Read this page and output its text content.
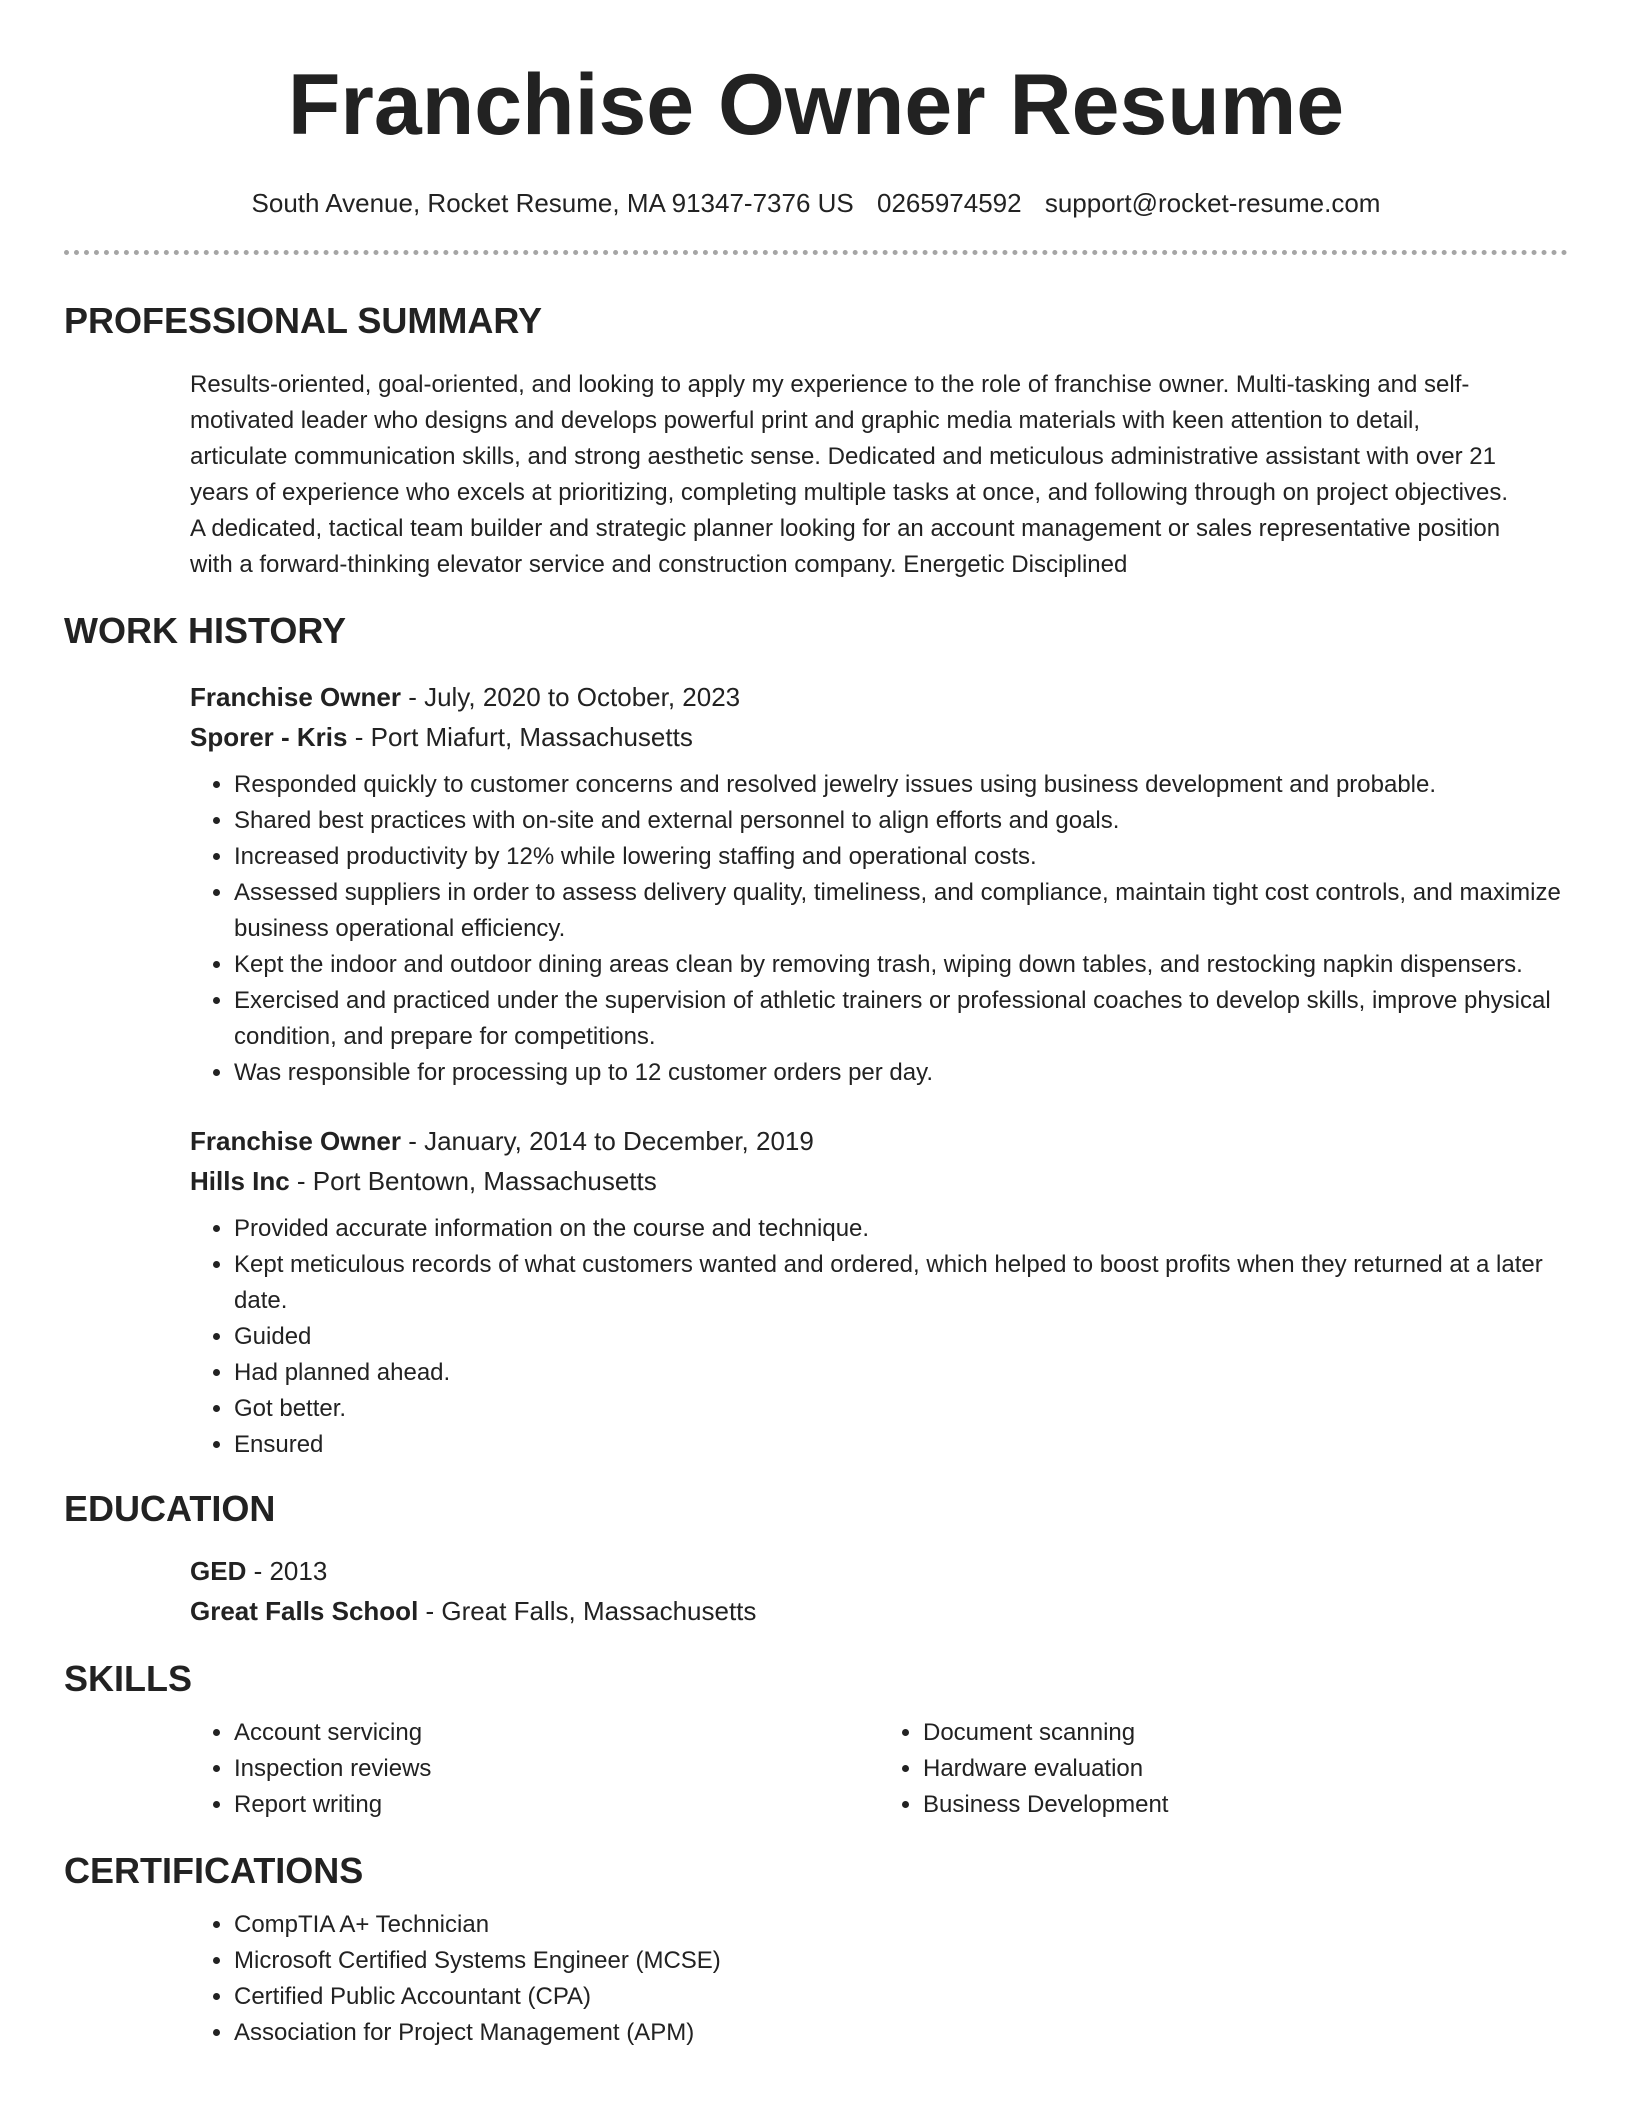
Franchise Owner Resume
South Avenue, Rocket Resume, MA 91347-7376 US 0265974592 support@rocket-resume.com
PROFESSIONAL SUMMARY
Results-oriented, goal-oriented, and looking to apply my experience to the role of franchise owner. Multi-tasking and self-
motivated leader who designs and develops powerful print and graphic media materials with keen attention to detail,
articulate communication skills, and strong aesthetic sense. Dedicated and meticulous administrative assistant with over 21
years of experience who excels at prioritizing, completing multiple tasks at once, and following through on project objectives.
A dedicated, tactical team builder and strategic planner looking for an account management or sales representative position
with a forward-thinking elevator service and construction company. Energetic Disciplined
WORK HISTORY
Franchise Owner - July, 2020 to October, 2023
Sporer - Kris - Port Miafurt, Massachusetts
• Responded quickly to customer concerns and resolved jewelry issues using business development and probable.
• Shared best practices with on-site and external personnel to align efforts and goals.
• Increased productivity by 12% while lowering staffing and operational costs.
• Assessed suppliers in order to assess delivery quality, timeliness, and compliance, maintain tight cost controls, and maximize business operational efficiency.
• Kept the indoor and outdoor dining areas clean by removing trash, wiping down tables, and restocking napkin dispensers.
• Exercised and practiced under the supervision of athletic trainers or professional coaches to develop skills, improve physical condition, and prepare for competitions.
• Was responsible for processing up to 12 customer orders per day.
Franchise Owner - January, 2014 to December, 2019
Hills Inc - Port Bentown, Massachusetts
• Provided accurate information on the course and technique.
• Kept meticulous records of what customers wanted and ordered, which helped to boost profits when they returned at a later date.
• Guided
• Had planned ahead.
• Got better.
• Ensured
EDUCATION
GED - 2013
Great Falls School - Great Falls, Massachusetts
SKILLS
• Account servicing
• Inspection reviews
• Report writing
• Document scanning
• Hardware evaluation
• Business Development
CERTIFICATIONS
• CompTIA A+ Technician
• Microsoft Certified Systems Engineer (MCSE)
• Certified Public Accountant (CPA)
• Association for Project Management (APM)
